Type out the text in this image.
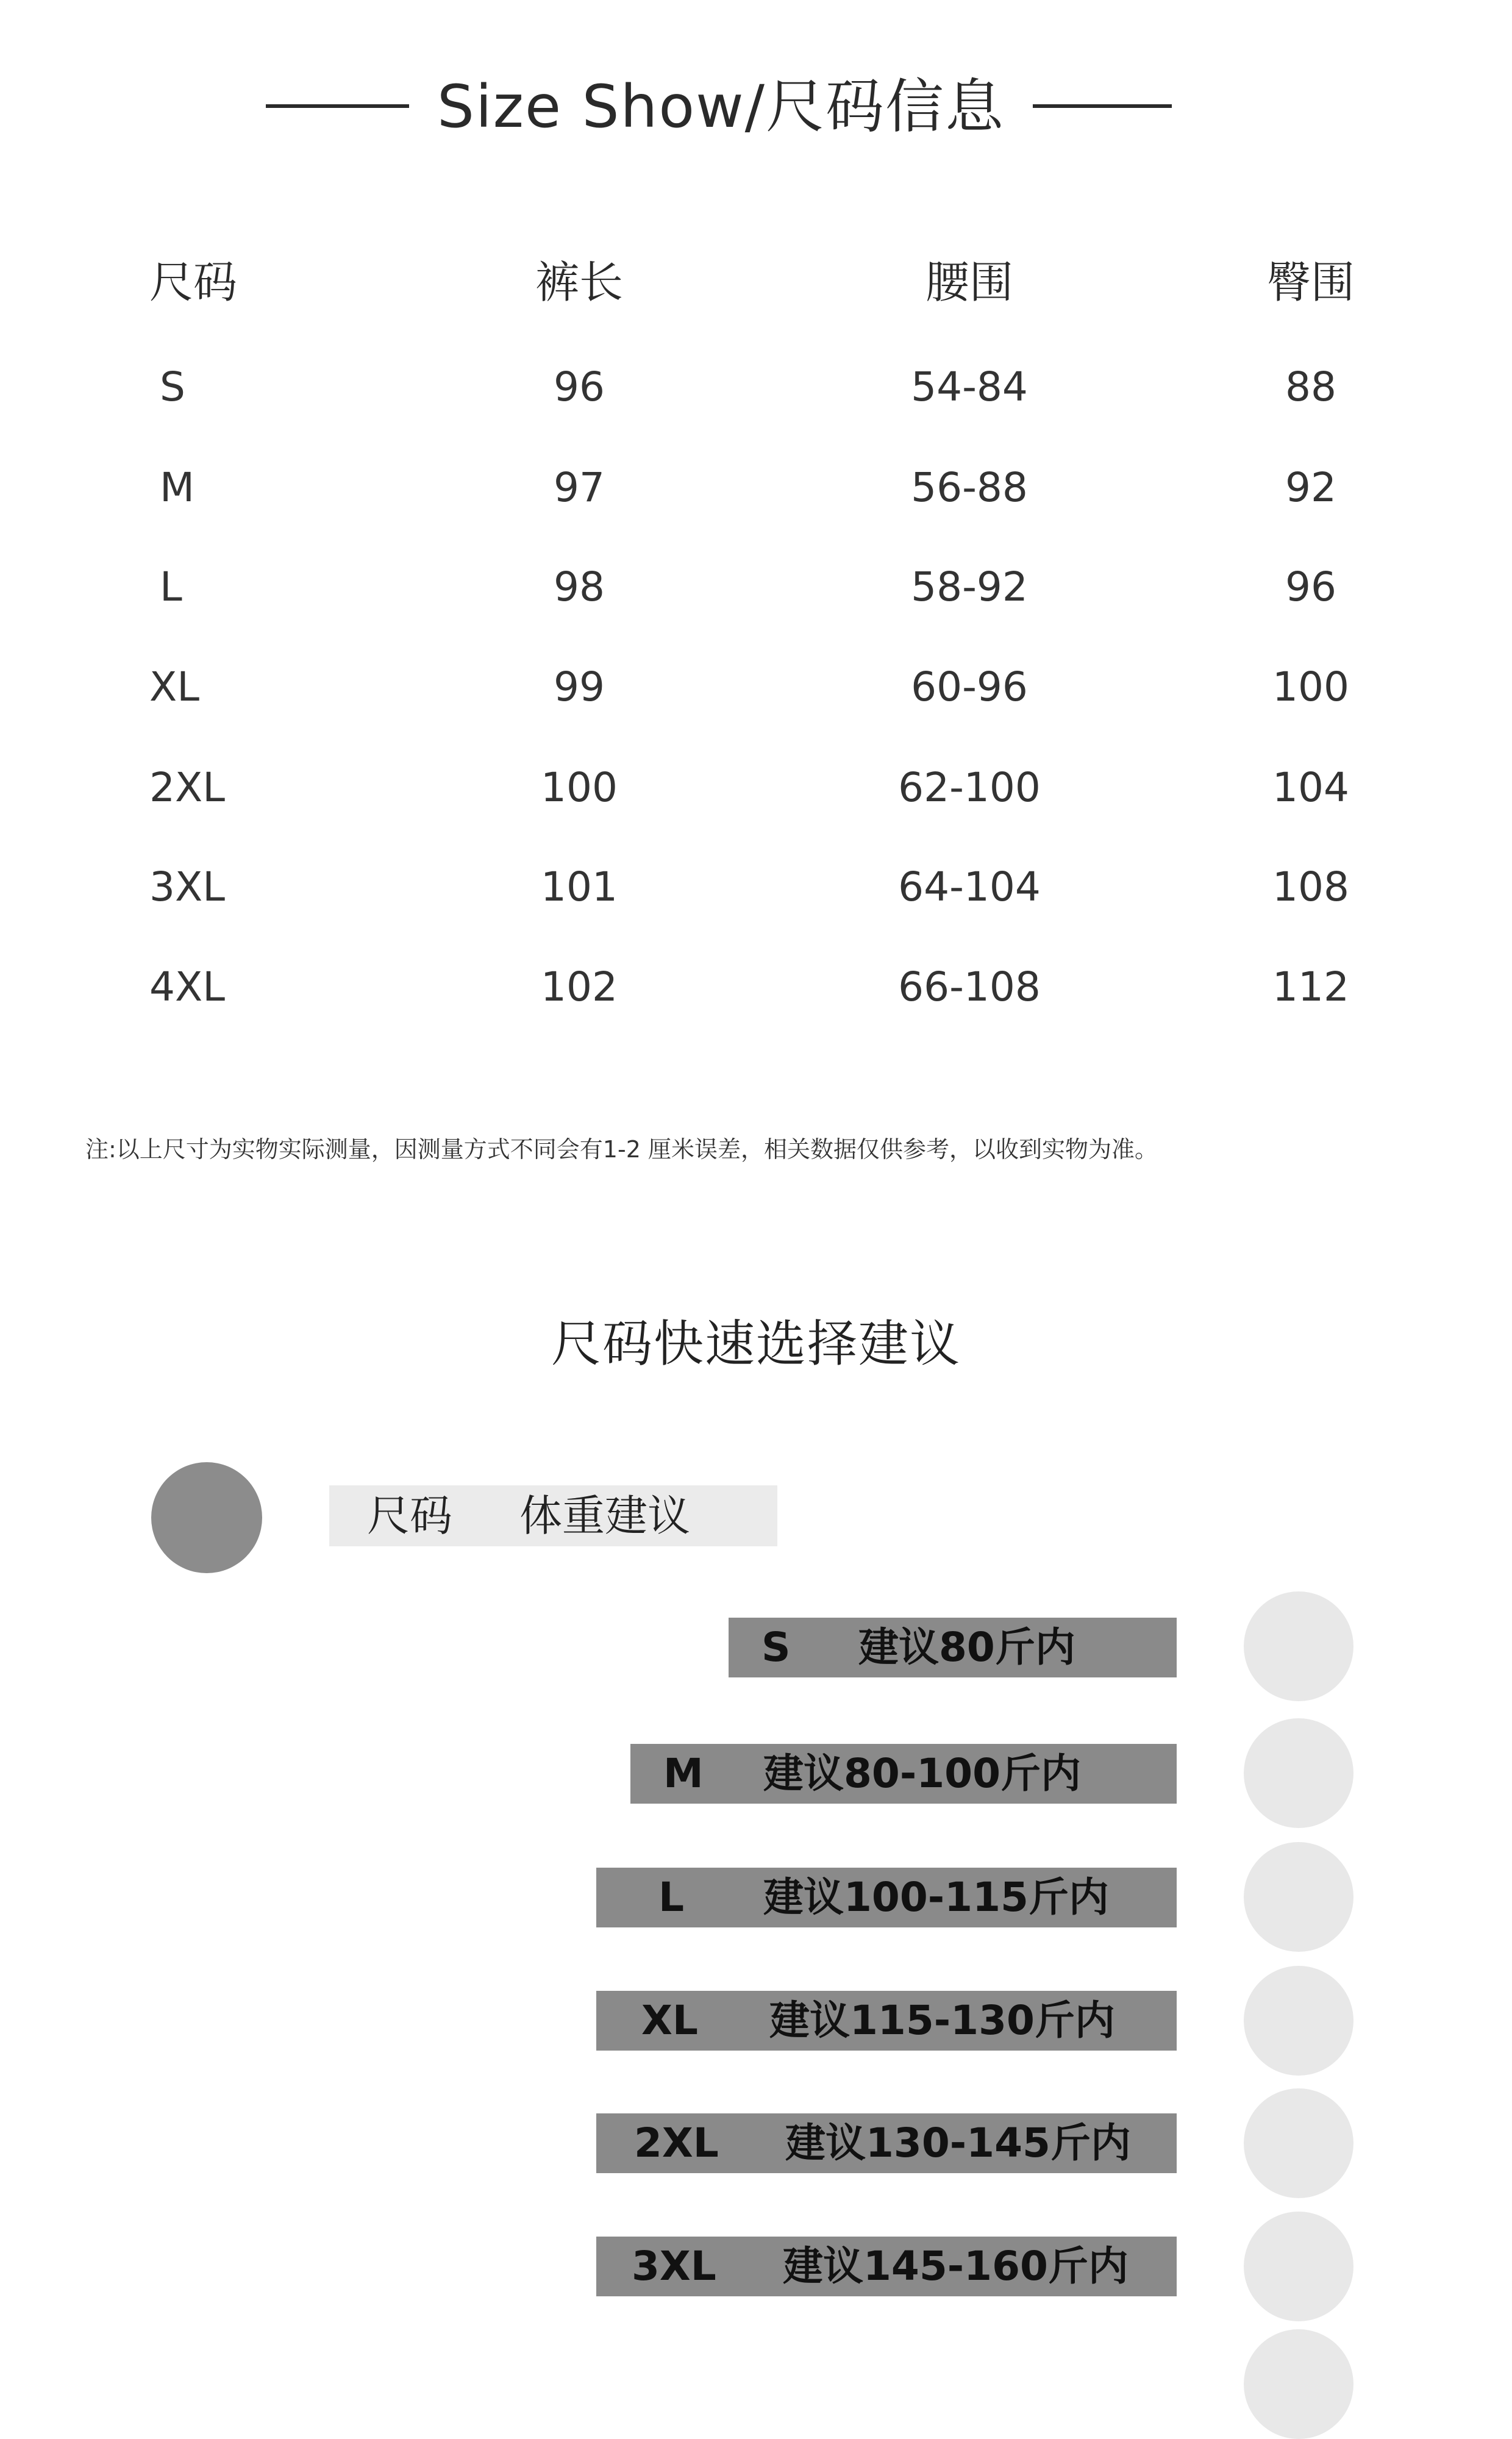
Size Show/尺码信息
尺码	裤长	腰围	臀围
S	96	54-84	88
M	97	56-88	92
L	98	58-92	96
XL	99	60-96	100
2XL	100	62-100	104
3XL	101	64-104	108
4XL	102	66-108	112
注:以上尺寸为实物实际测量，因测量方式不同会有1-2 厘米误差，相关数据仅供参考，以收到实物为准。
尺码快速选择建议
尺码 体重建议
S 建议80斤内
M 建议80-100斤内
L 建议100-115斤内
XL 建议115-130斤内
2XL 建议130-145斤内
3XL 建议145-160斤内
